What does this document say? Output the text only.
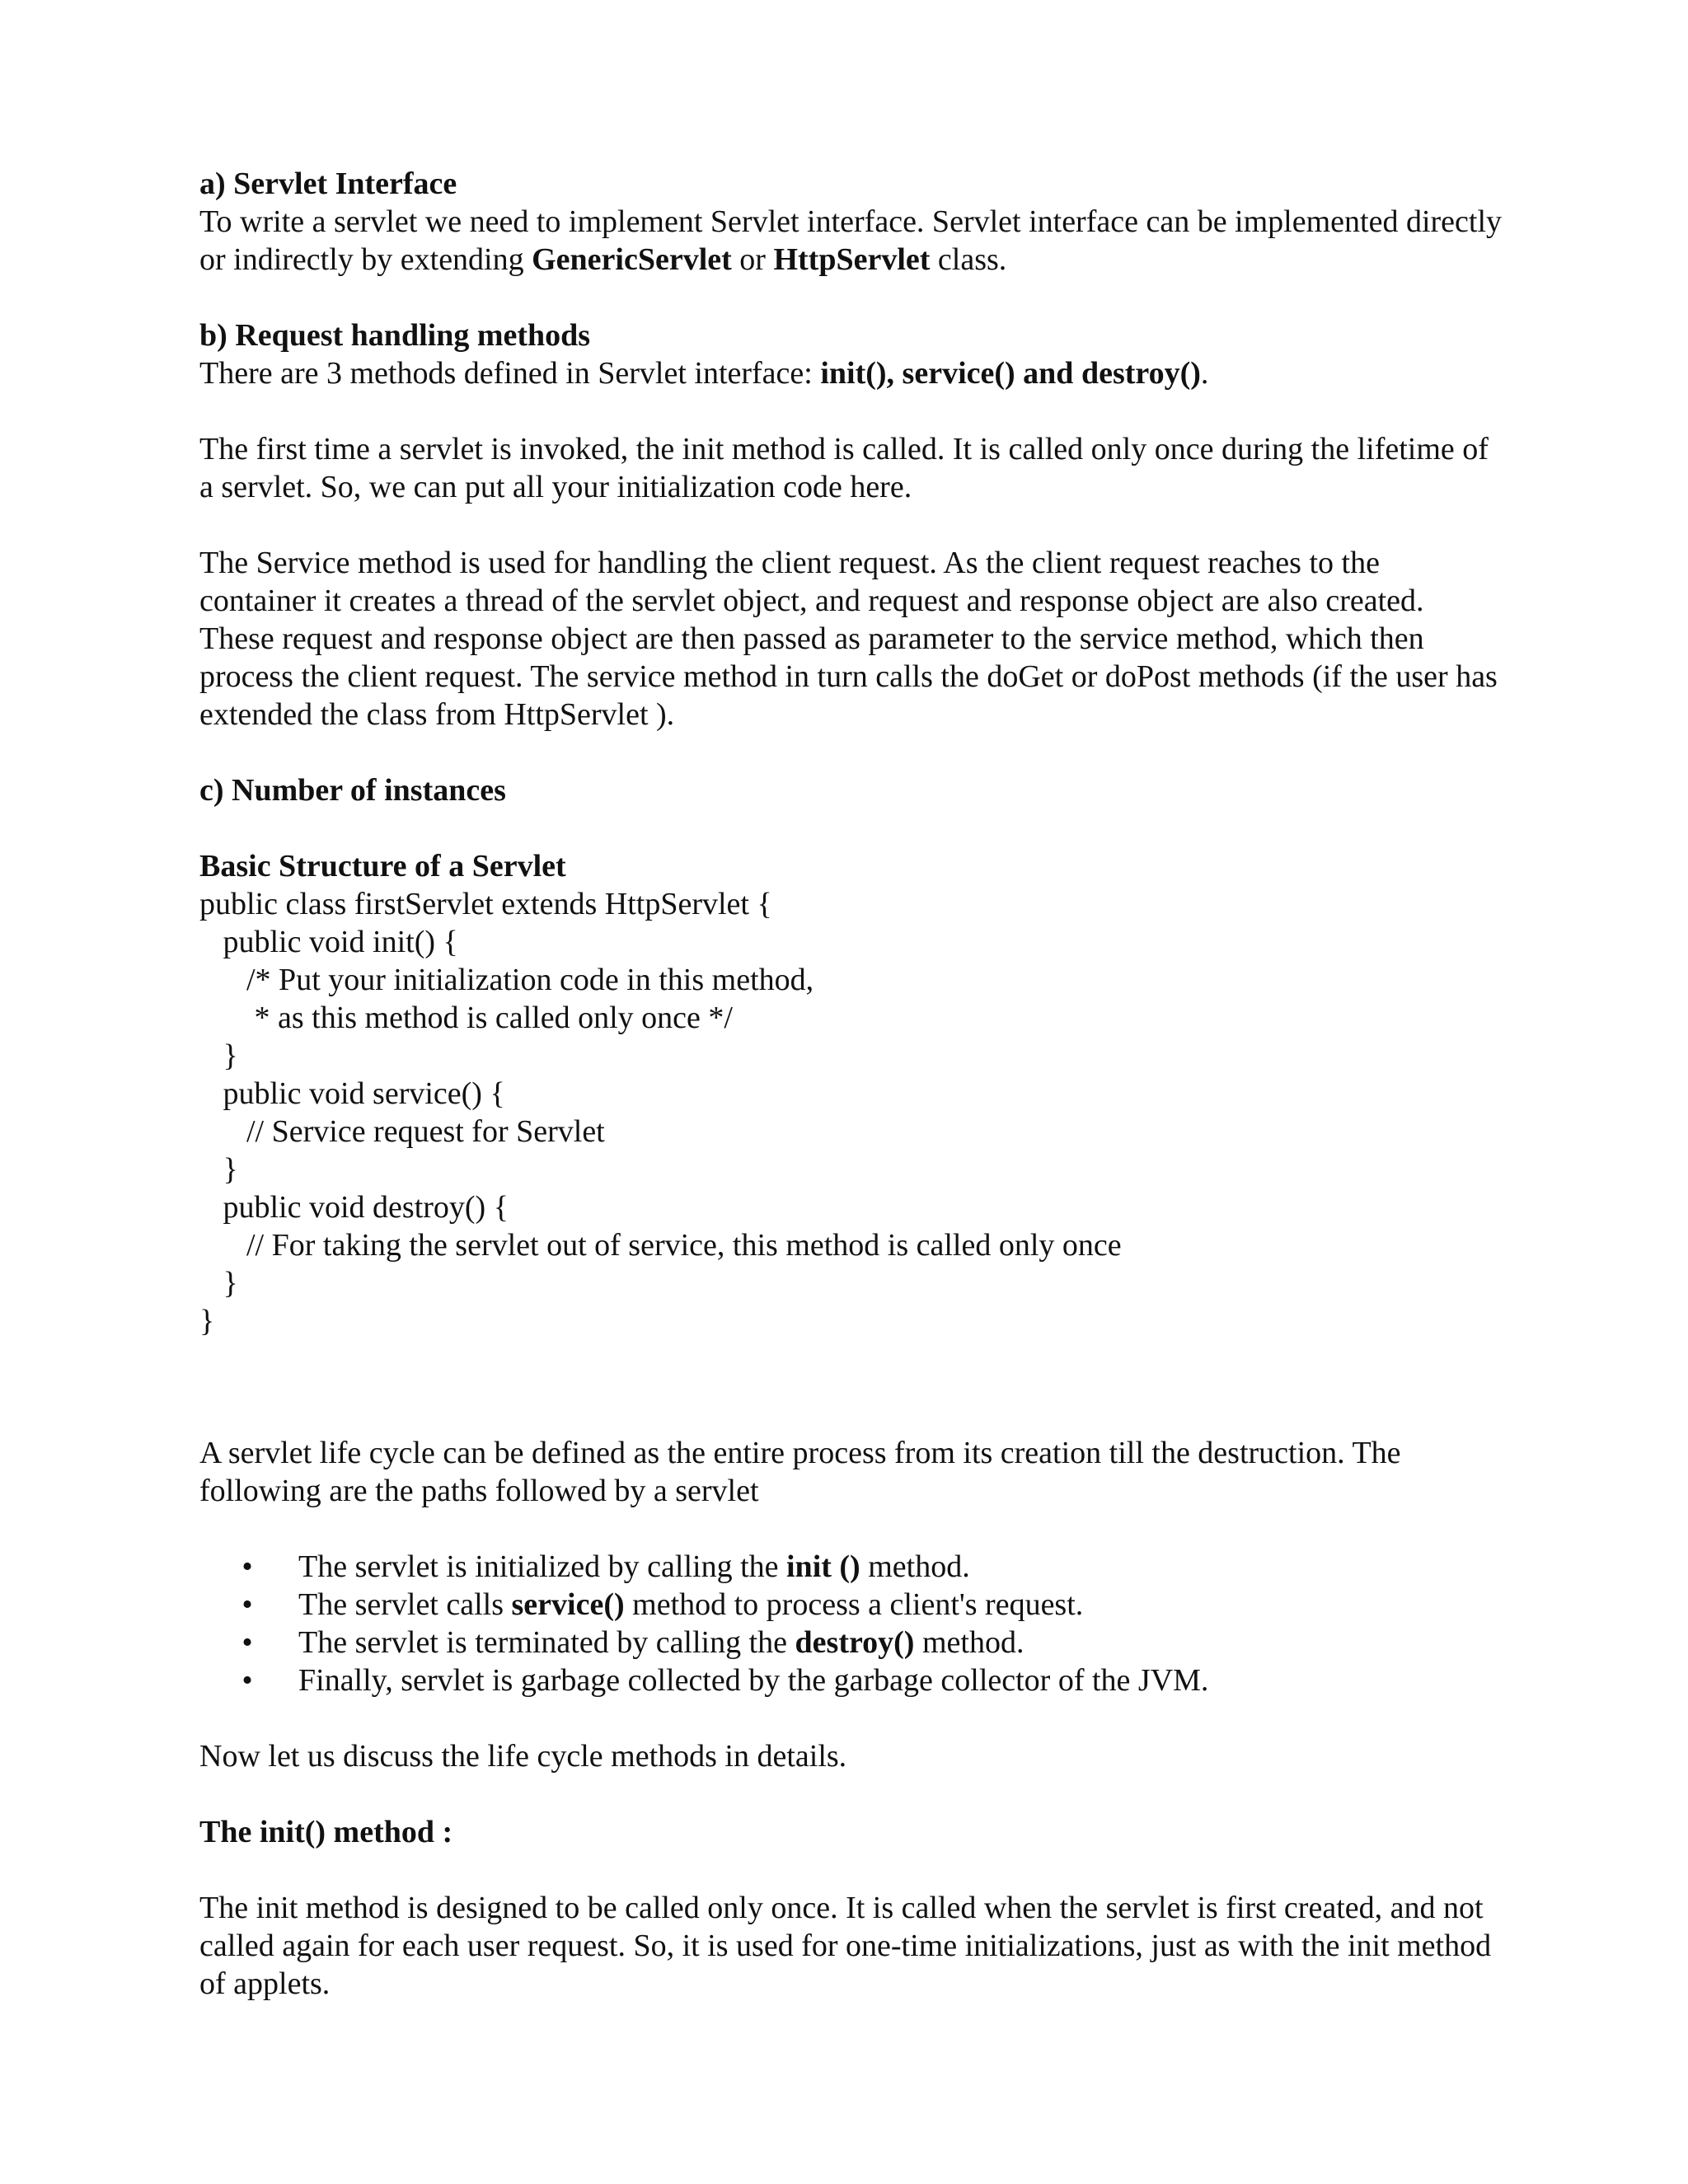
a) Servlet Interface

To write a servlet we need to implement Servlet interface. Servlet interface can be implemented directly or indirectly by extending GenericServlet or HttpServlet class.

b) Request handling methods

There are 3 methods defined in Servlet interface: init(), service() and destroy().

The first time a servlet is invoked, the init method is called. It is called only once during the lifetime of a servlet. So, we can put all your initialization code here.

The Service method is used for handling the client request. As the client request reaches to the container it creates a thread of the servlet object, and request and response object are also created. These request and response object are then passed as parameter to the service method, which then process the client request. The service method in turn calls the doGet or doPost methods (if the user has extended the class from HttpServlet ).

c) Number of instances

Basic Structure of a Servlet

public class firstServlet extends HttpServlet {
public void init() {
/* Put your initialization code in this method,
* as this method is called only once */
}
public void service() {
// Service request for Servlet
}
public void destroy() {
// For taking the servlet out of service, this method is called only once
}
}

A servlet life cycle can be defined as the entire process from its creation till the destruction. The following are the paths followed by a servlet

• The servlet is initialized by calling the init () method.
• The servlet calls service() method to process a client's request.
• The servlet is terminated by calling the destroy() method.
• Finally, servlet is garbage collected by the garbage collector of the JVM.

Now let us discuss the life cycle methods in details.

The init() method :

The init method is designed to be called only once. It is called when the servlet is first created, and not called again for each user request. So, it is used for one-time initializations, just as with the init method of applets.
